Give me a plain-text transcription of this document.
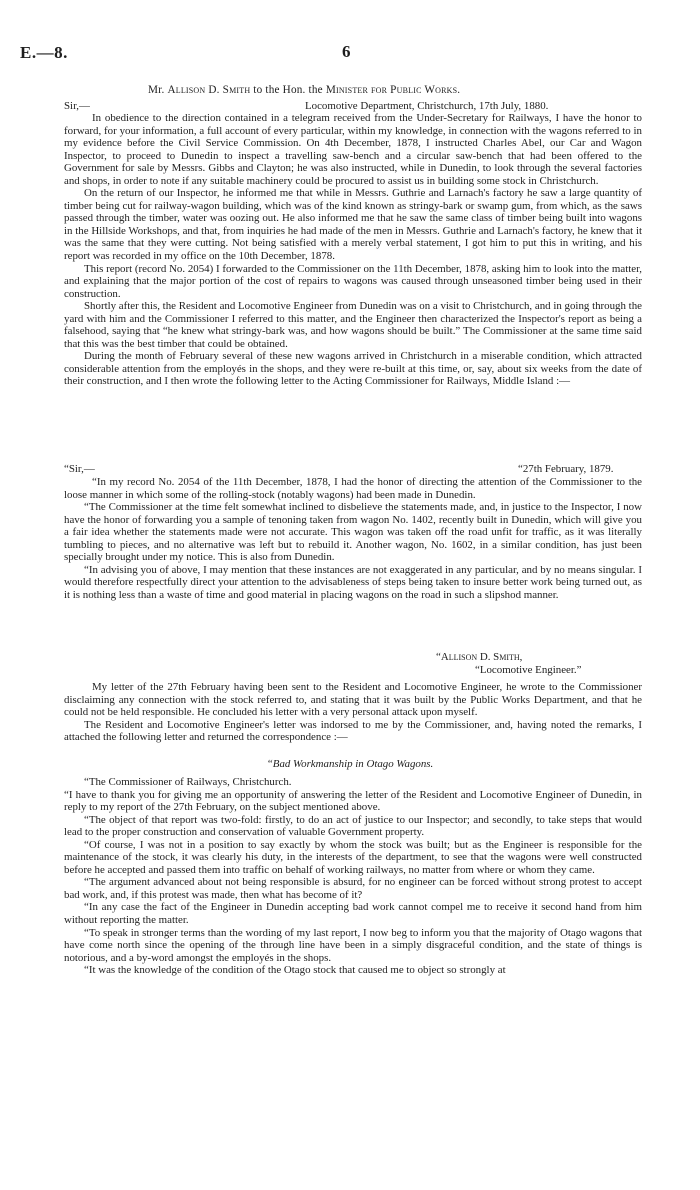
E.—8.	6
Mr. Allison D. Smith to the Hon. the Minister for Public Works.
Sir,—	Locomotive Department, Christchurch, 17th July, 1880.

In obedience to the direction contained in a telegram received from the Under-Secretary for Railways, I have the honor to forward, for your information, a full account of every particular, within my knowledge, in connection with the wagons referred to in my evidence before the Civil Service Commission. On 4th December, 1878, I instructed Charles Abel, our Car and Wagon Inspector, to proceed to Dunedin to inspect a travelling saw-bench and a circular saw-bench that had been offered to the Government for sale by Messrs. Gibbs and Clayton; he was also instructed, while in Dunedin, to look through the several factories and shops, in order to note if any suitable machinery could be procured to assist us in building some stock in Christchurch.

On the return of our Inspector, he informed me that while in Messrs. Guthrie and Larnach's factory he saw a large quantity of timber being cut for railway-wagon building, which was of the kind known as stringy-bark or swamp gum, from which, as the saws passed through the timber, water was oozing out. He also informed me that he saw the same class of timber being built into wagons in the Hillside Workshops, and that, from inquiries he had made of the men in Messrs. Guthrie and Larnach's factory, he knew that it was the same that they were cutting. Not being satisfied with a merely verbal statement, I got him to put this in writing, and his report was recorded in my office on the 10th December, 1878.

This report (record No. 2054) I forwarded to the Commissioner on the 11th December, 1878, asking him to look into the matter, and explaining that the major portion of the cost of repairs to wagons was caused through unseasoned timber being used in their construction.

Shortly after this, the Resident and Locomotive Engineer from Dunedin was on a visit to Christchurch, and in going through the yard with him and the Commissioner I referred to this matter, and the Engineer then characterized the Inspector's report as being a falsehood, saying that “he knew what stringy-bark was, and how wagons should be built.” The Commissioner at the same time said that this was the best timber that could be obtained.

During the month of February several of these new wagons arrived in Christchurch in a miserable condition, which attracted considerable attention from the employés in the shops, and they were re-built at this time, or, say, about six weeks from the date of their construction, and I then wrote the following letter to the Acting Commissioner for Railways, Middle Island :—

“Sir,—	“27th February, 1879.

“In my record No. 2054 of the 11th December, 1878, I had the honor of directing the attention of the Commissioner to the loose manner in which some of the rolling-stock (notably wagons) had been made in Dunedin.

“The Commissioner at the time felt somewhat inclined to disbelieve the statements made, and, in justice to the Inspector, I now have the honor of forwarding you a sample of tenoning taken from wagon No. 1402, recently built in Dunedin, which will give you a fair idea whether the statements made were not accurate. This wagon was taken off the road unfit for traffic, as it was literally tumbling to pieces, and no alternative was left but to rebuild it. Another wagon, No. 1602, in a similar condition, has just been specially brought under my notice. This is also from Dunedin.

“In advising you of above, I may mention that these instances are not exaggerated in any particular, and by no means singular. I would therefore respectfully direct your attention to the advisableness of steps being taken to insure better work being turned out, as it is nothing less than a waste of time and good material in placing wagons on the road in such a slipshod manner.

“Allison D. Smith,
“Locomotive Engineer.”

My letter of the 27th February having been sent to the Resident and Locomotive Engineer, he wrote to the Commissioner disclaiming any connection with the stock referred to, and stating that it was built by the Public Works Department, and that he could not be held responsible. He concluded his letter with a very personal attack upon myself.

The Resident and Locomotive Engineer's letter was indorsed to me by the Commissioner, and, having noted the remarks, I attached the following letter and returned the correspondence :—

“Bad Workmanship in Otago Wagons.

“The Commissioner of Railways, Christchurch.

“I have to thank you for giving me an opportunity of answering the letter of the Resident and Locomotive Engineer of Dunedin, in reply to my report of the 27th February, on the subject mentioned above.

“The object of that report was two-fold: firstly, to do an act of justice to our Inspector; and secondly, to take steps that would lead to the proper construction and conservation of valuable Government property.

“Of course, I was not in a position to say exactly by whom the stock was built; but as the Engineer is responsible for the maintenance of the stock, it was clearly his duty, in the interests of the department, to see that the wagons were well constructed before he accepted and passed them into traffic on behalf of working railways, no matter from where or whom they came.

“The argument advanced about not being responsible is absurd, for no engineer can be forced without strong protest to accept bad work, and, if this protest was made, then what has become of it?

“In any case the fact of the Engineer in Dunedin accepting bad work cannot compel me to receive it second hand from him without reporting the matter.

“To speak in stronger terms than the wording of my last report, I now beg to inform you that the majority of Otago wagons that have come north since the opening of the through line have been in a simply disgraceful condition, and the state of things is notorious, and a by-word amongst the employés in the shops.

“It was the knowledge of the condition of the Otago stock that caused me to object so strongly at
